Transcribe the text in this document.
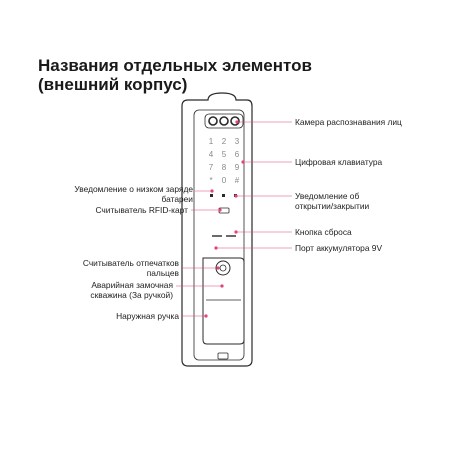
Названия отдельных элементов
(внешний корпус)
1 2 3
4 5 6
7 8 9
* 0 #
Камера распознавания лиц
Цифровая клавиатура
Уведомление об
открытии/закрытии
Кнопка сброса
Порт аккумулятора 9V
Уведомление о низком заряде
батареи
Считыватель RFID-карт
Считыватель отпечатков
пальцев
Аварийная замочная
скважина (За ручкой)
Наружная ручка
